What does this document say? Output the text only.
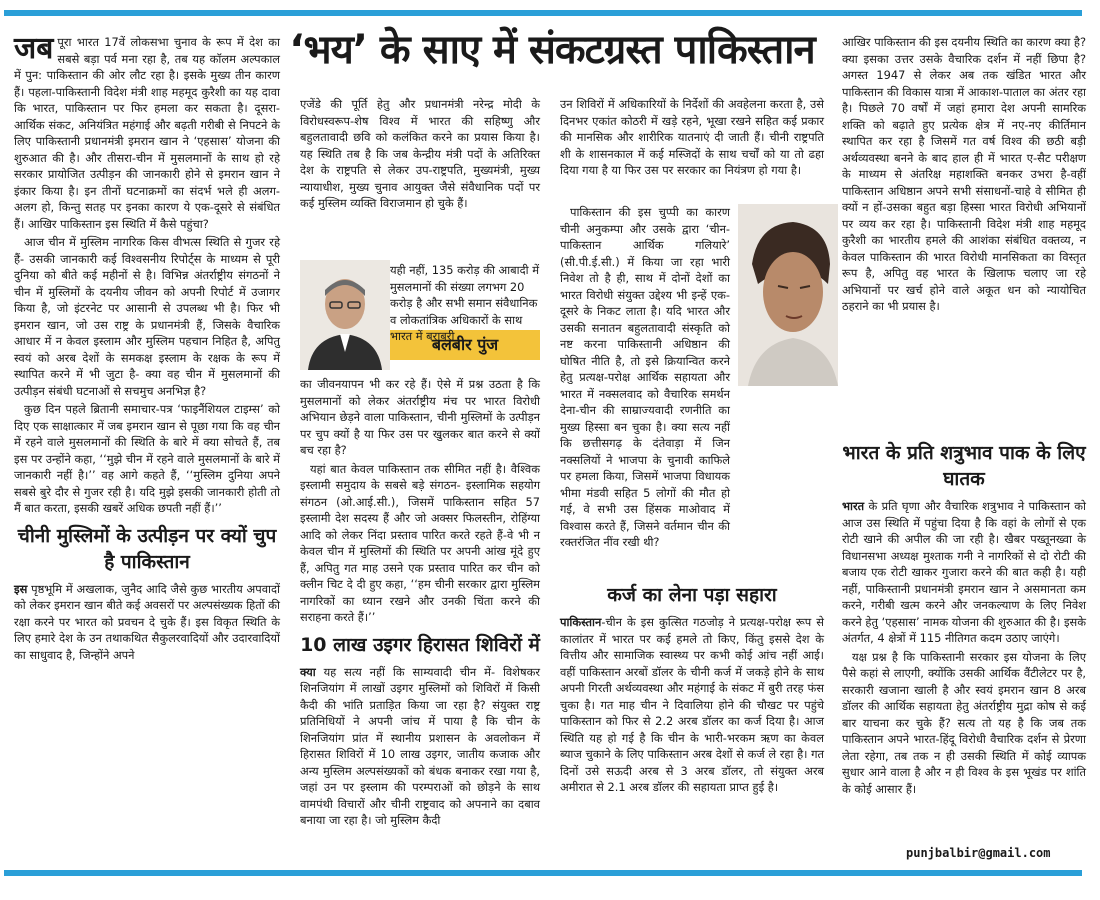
‘भय’ के साए में संकटग्रस्त पाकिस्तान

जब पूरा भारत 17वें लोकसभा चुनाव के रूप में देश का सबसे बड़ा पर्व मना रहा है, तब यह कॉलम अल्पकाल में पुन: पाकिस्तान की ओर लौट रहा है। इसके मुख्य तीन कारण हैं। पहला-पाकिस्तानी विदेश मंत्री शाह महमूद कुरैशी का यह दावा कि भारत, पाकिस्तान पर फिर हमला कर सकता है। दूसरा- आर्थिक संकट, अनियंत्रित महंगाई और बढ़ती गरीबी से निपटने के लिए पाकिस्तानी प्रधानमंत्री इमरान खान ने ‘एहसास’ योजना की शुरुआत की है। और तीसरा-चीन में मुसलमानों के साथ हो रहे सरकार प्रायोजित उत्पीड़न की जानकारी होने से इमरान खान ने इंकार किया है। इन तीनों घटनाक्रमों का संदर्भ भले ही अलग-अलग हो, किन्तु सतह पर इनका कारण ये एक-दूसरे से संबंधित हैं। आखिर पाकिस्तान इस स्थिति में कैसे पहुंचा?

आज चीन में मुस्लिम नागरिक किस वीभत्स स्थिति से गुजर रहे हैं- उसकी जानकारी कई विश्वसनीय रिपोर्ट्स के माध्यम से पूरी दुनिया को बीते कई महीनों से है। विभिन्न अंतर्राष्ट्रीय संगठनों ने चीन में मुस्लिमों के दयनीय जीवन को अपनी रिपोर्ट में उजागर किया है, जो इंटरनेट पर आसानी से उपलब्ध भी है। फिर भी इमरान खान, जो उस राष्ट्र के प्रधानमंत्री हैं, जिसके वैचारिक आधार में न केवल इस्लाम और मुस्लिम पहचान निहित है, अपितु स्वयं को अरब देशों के समकक्ष इस्लाम के रक्षक के रूप में स्थापित करने में भी जुटा है- क्या वह चीन में मुसलमानों की उत्पीड़न संबंधी घटनाओं से सचमुच अनभिज्ञ है?

कुछ दिन पहले ब्रितानी समाचार-पत्र ‘फाइनैंशियल टाइम्स’ को दिए एक साक्षात्कार में जब इमरान खान से पूछा गया कि वह चीन में रहने वाले मुसलमानों की स्थिति के बारे में क्या सोचते हैं, तब इस पर उन्होंने कहा, ‘‘मुझे चीन में रहने वाले मुसलमानों के बारे में जानकारी नहीं है।’’ वह आगे कहते हैं, ‘‘मुस्लिम दुनिया अपने सबसे बुरे दौर से गुजर रही है। यदि मुझे इसकी जानकारी होती तो मैं बात करता, इसकी खबरें अधिक छपती नहीं हैं।’’

चीनी मुस्लिमों के उत्पीड़न पर क्यों चुप है पाकिस्तान

इस पृष्ठभूमि में अखलाक, जुनैद आदि जैसे कुछ भारतीय अपवादों को लेकर इमरान खान बीते कई अवसरों पर अल्पसंख्यक हितों की रक्षा करने पर भारत को प्रवचन दे चुके हैं। इस विकृत स्थिति के लिए हमारे देश के उन तथाकथित सैकुलरवादियों और उदारवादियों का साधुवाद है, जिन्होंने अपने

एजेंडे की पूर्ति हेतु और प्रधानमंत्री नरेन्द्र मोदी के विरोधस्वरूप-शेष विश्व में भारत की सहिष्णु और बहुलतावादी छवि को कलंकित करने का प्रयास किया है। यह स्थिति तब है कि जब केन्द्रीय मंत्री पदों के अतिरिक्त देश के राष्ट्रपति से लेकर उप-राष्ट्रपति, मुख्यमंत्री, मुख्य न्यायाधीश, मुख्य चुनाव आयुक्त जैसे संवैधानिक पदों पर कई मुस्लिम व्यक्ति विराजमान हो चुके हैं।

बलबीर पुंज
यही नहीं, 135 करोड़ की आबादी में मुसलमानों की संख्या लगभग 20 करोड़ है और सभी समान संवैधानिक व लोकतांत्रिक अधिकारों के साथ भारत में बराबरी

का जीवनयापन भी कर रहे हैं। ऐसे में प्रश्न उठता है कि मुसलमानों को लेकर अंतर्राष्ट्रीय मंच पर भारत विरोधी अभियान छेड़ने वाला पाकिस्तान, चीनी मुस्लिमों के उत्पीड़न पर चुप क्यों है या फिर उस पर खुलकर बात करने से क्यों बच रहा है?

यहां बात केवल पाकिस्तान तक सीमित नहीं है। वैश्विक इस्लामी समुदाय के सबसे बड़े संगठन- इस्लामिक सहयोग संगठन (ओ.आई.सी.), जिसमें पाकिस्तान सहित 57 इस्लामी देश सदस्य हैं और जो अक्सर फिलस्तीन, रोहिंग्या आदि को लेकर निंदा प्रस्ताव पारित करते रहते हैं-वे भी न केवल चीन में मुस्लिमों की स्थिति पर अपनी आंख मूंदे हुए हैं, अपितु गत माह उसने एक प्रस्ताव पारित कर चीन को क्लीन चिट दे दी हुए कहा, ‘‘हम चीनी सरकार द्वारा मुस्लिम नागरिकों का ध्यान रखने और उनकी चिंता करने की सराहना करते हैं।’’

10 लाख उइगर हिरासत शिविरों में

क्या यह सत्य नहीं कि साम्यवादी चीन में- विशेषकर शिनजियांग में लाखों उइगर मुस्लिमों को शिविरों में किसी कैदी की भांति प्रताड़ित किया जा रहा है? संयुक्त राष्ट्र प्रतिनिधियों ने अपनी जांच में पाया है कि चीन के शिनजियांग प्रांत में स्थानीय प्रशासन के अवलोकन में हिरासत शिविरों में 10 लाख उइगर, जातीय कजाक और अन्य मुस्लिम अल्पसंख्यकों को बंधक बनाकर रखा गया है, जहां उन पर इस्लाम की परम्पराओं को छोड़ने के साथ वामपंथी विचारों और चीनी राष्ट्रवाद को अपनाने का दबाव बनाया जा रहा है। जो मुस्लिम कैदी

उन शिविरों में अधिकारियों के निर्देशों की अवहेलना करता है, उसे दिनभर एकांत कोठरी में खड़े रहने, भूखा रखने सहित कई प्रकार की मानसिक और शारीरिक यातनाएं दी जाती हैं। चीनी राष्ट्रपति शी के शासनकाल में कई मस्जिदों के साथ चर्चों को या तो ढहा दिया गया है या फिर उस पर सरकार का नियंत्रण हो गया है।

पाकिस्तान की इस चुप्पी का कारण चीनी अनुकम्पा और उसके द्वारा ‘चीन-पाकिस्तान आर्थिक गलियारे’ (सी.पी.ई.सी.) में किया जा रहा भारी निवेश तो है ही, साथ में दोनों देशों का भारत विरोधी संयुक्त उद्देश्य भी इन्हें एक-दूसरे के निकट लाता है। यदि भारत और उसकी सनातन बहुलतावादी संस्कृति को नष्ट करना पाकिस्तानी अधिष्ठान की घोषित नीति है, तो इसे क्रियान्वित करने हेतु प्रत्यक्ष-परोक्ष आर्थिक सहायता और भारत में नक्सलवाद को वैचारिक समर्थन देना-चीन की साम्राज्यवादी रणनीति का मुख्य हिस्सा बन चुका है। क्या सत्य नहीं कि छत्तीसगढ़ के दंतेवाड़ा में जिन नक्सलियों ने भाजपा के चुनावी काफिले पर हमला किया, जिसमें भाजपा विधायक भीमा मंडवी सहित 5 लोगों की मौत हो गई, वे सभी उस हिंसक माओवाद में विश्वास करते हैं, जिसने वर्तमान चीन की रक्तरंजित नींव रखी थी?

कर्ज का लेना पड़ा सहारा

पाकिस्तान-चीन के इस कुत्सित गठजोड़ ने प्रत्यक्ष-परोक्ष रूप से कालांतर में भारत पर कई हमले तो किए, किंतु इससे देश के वित्तीय और सामाजिक स्वास्थ्य पर कभी कोई आंच नहीं आई। वहीं पाकिस्तान अरबों डॉलर के चीनी कर्ज में जकड़े होने के साथ अपनी गिरती अर्थव्यवस्था और महंगाई के संकट में बुरी तरह फंस चुका है। गत माह चीन ने दिवालिया होने की चौखट पर पहुंचे पाकिस्तान को फिर से 2.2 अरब डॉलर का कर्ज दिया है। आज स्थिति यह हो गई है कि चीन के भारी-भरकम ऋण का केवल ब्याज चुकाने के लिए पाकिस्तान अरब देशों से कर्ज ले रहा है। गत दिनों उसे सऊदी अरब से 3 अरब डॉलर, तो संयुक्त अरब अमीरात से 2.1 अरब डॉलर की सहायता प्राप्त हुई है।

आखिर पाकिस्तान की इस दयनीय स्थिति का कारण क्या है? क्या इसका उत्तर उसके वैचारिक दर्शन में नहीं छिपा है? अगस्त 1947 से लेकर अब तक खंडित भारत और पाकिस्तान की विकास यात्रा में आकाश-पाताल का अंतर रहा है। पिछले 70 वर्षों में जहां हमारा देश अपनी सामरिक शक्ति को बढ़ाते हुए प्रत्येक क्षेत्र में नए-नए कीर्तिमान स्थापित कर रहा है जिसमें गत वर्ष विश्व की छठी बड़ी अर्थव्यवस्था बनने के बाद हाल ही में भारत ए-सैट परीक्षण के माध्यम से अंतरिक्ष महाशक्ति बनकर उभरा है-वहीं पाकिस्तान अधिष्ठान अपने सभी संसाधनों-चाहे वे सीमित ही क्यों न हों-उसका बहुत बड़ा हिस्सा भारत विरोधी अभियानों पर व्यय कर रहा है। पाकिस्तानी विदेश मंत्री शाह महमूद कुरैशी का भारतीय हमले की आशंका संबंधित वक्तव्य, न केवल पाकिस्तान की भारत विरोधी मानसिकता का विस्तृत रूप है, अपितु वह भारत के खिलाफ चलाए जा रहे अभियानों पर खर्च होने वाले अकूत धन को न्यायोचित ठहराने का भी प्रयास है।

भारत के प्रति शत्रुभाव पाक के लिए घातक

भारत के प्रति घृणा और वैचारिक शत्रुभाव ने पाकिस्तान को आज उस स्थिति में पहुंचा दिया है कि वहां के लोगों से एक रोटी खाने की अपील की जा रही है। खैबर पख्तूनख्वा के विधानसभा अध्यक्ष मुश्ताक गनी ने नागरिकों से दो रोटी की बजाय एक रोटी खाकर गुजारा करने की बात कही है। यही नहीं, पाकिस्तानी प्रधानमंत्री इमरान खान ने असमानता कम करने, गरीबी खत्म करने और जनकल्याण के लिए निवेश करने हेतु ‘एहसास’ नामक योजना की शुरुआत की है। इसके अंतर्गत, 4 क्षेत्रों में 115 नीतिगत कदम उठाए जाएंगे।

यक्ष प्रश्न है कि पाकिस्तानी सरकार इस योजना के लिए पैसे कहां से लाएगी, क्योंकि उसकी आर्थिक वैंटीलेटर पर है, सरकारी खजाना खाली है और स्वयं इमरान खान 8 अरब डॉलर की आर्थिक सहायता हेतु अंतर्राष्ट्रीय मुद्रा कोष से कई बार याचना कर चुके हैं? सत्य तो यह है कि जब तक पाकिस्तान अपने भारत-हिंदू विरोधी वैचारिक दर्शन से प्रेरणा लेता रहेगा, तब तक न ही उसकी स्थिति में कोई व्यापक सुधार आने वाला है और न ही विश्व के इस भूखंड पर शांति के कोई आसार हैं।

punjbalbir@gmail.com
